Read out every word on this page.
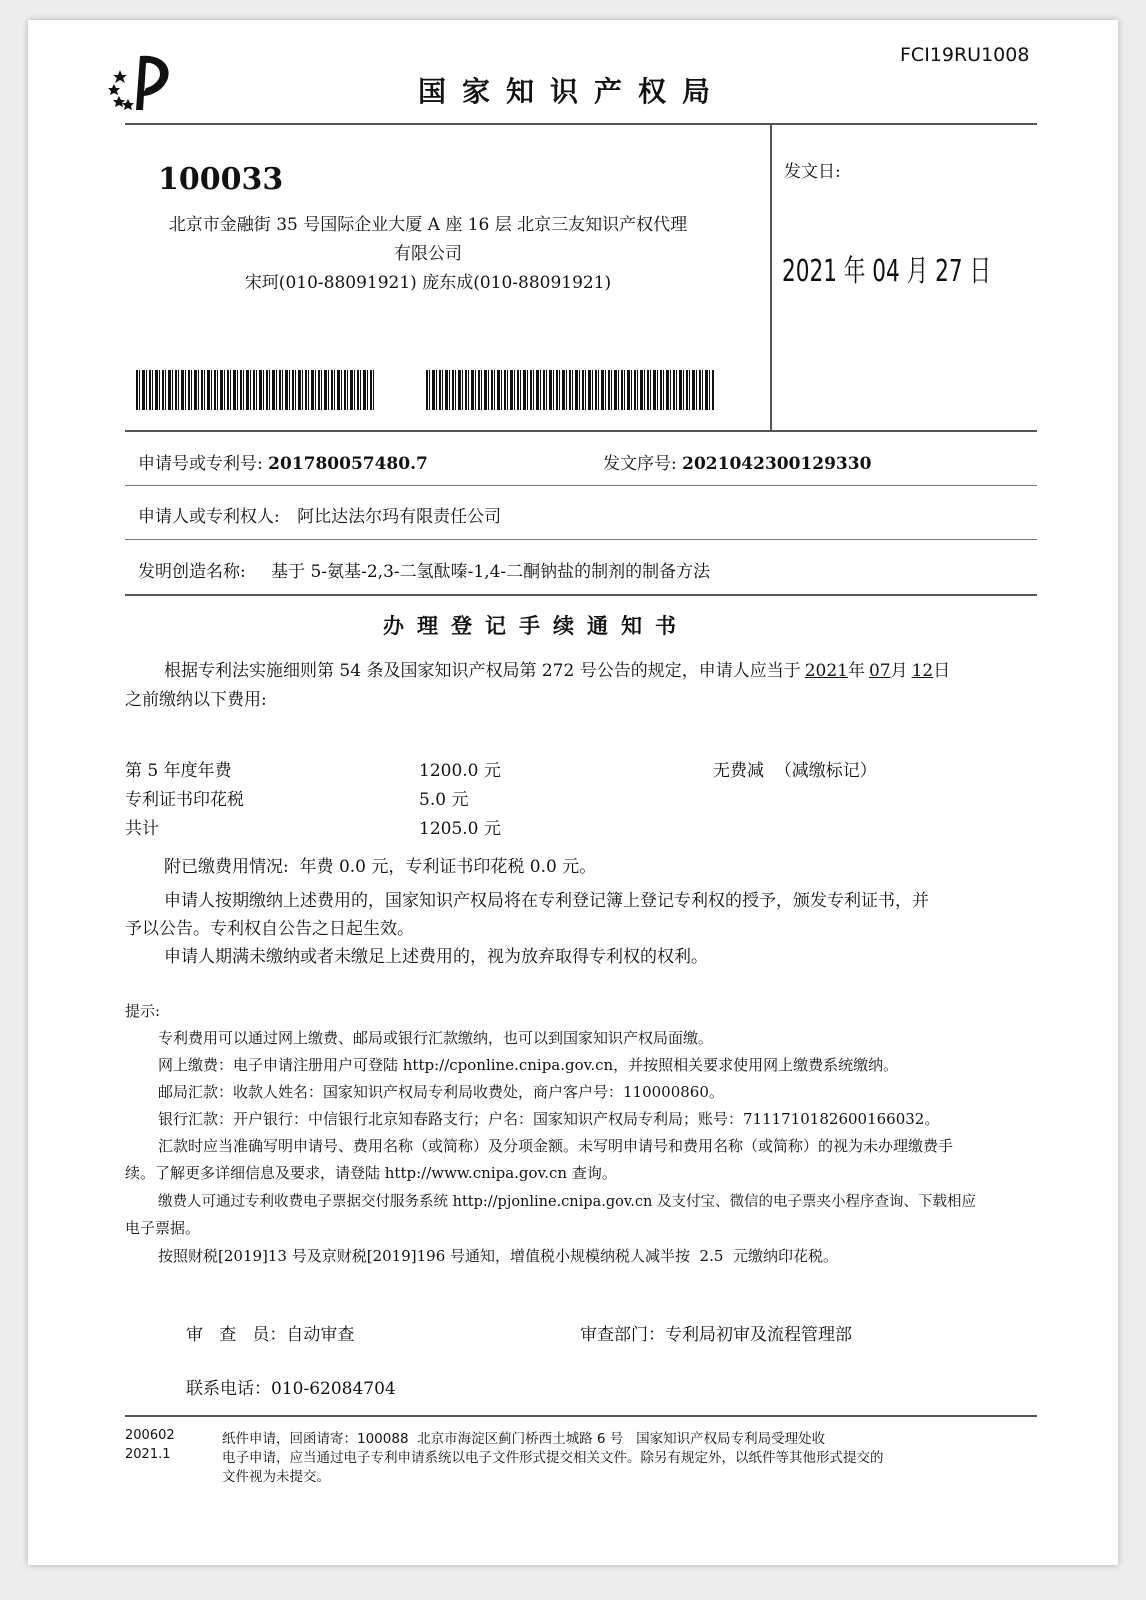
FCI19RU1008
国家知识产权局
100033
北京市金融街 35 号国际企业大厦 A 座 16 层 北京三友知识产权代理
有限公司
宋珂(010-88091921) 庞东成(010-88091921)
发文日:
2021 年 04 月 27 日
申请号或专利号: 201780057480.7	发文序号: 2021042300129330
申请人或专利权人: 阿比达法尔玛有限责任公司
发明创造名称: 基于 5-氨基-2,3-二氢酞嗪-1,4-二酮钠盐的制剂的制备方法
办理登记手续通知书
根据专利法实施细则第 54 条及国家知识产权局第 272 号公告的规定，申请人应当于 2021年 07月 12日
之前缴纳以下费用:
第 5 年度年费	1200.0 元	无费减  （减缴标记）
专利证书印花税	5.0 元
共计	1205.0 元
附已缴费用情况:  年费 0.0 元，专利证书印花税 0.0 元。
申请人按期缴纳上述费用的，国家知识产权局将在专利登记簿上登记专利权的授予，颁发专利证书，并
予以公告。专利权自公告之日起生效。
申请人期满未缴纳或者未缴足上述费用的，视为放弃取得专利权的权利。
提示:
专利费用可以通过网上缴费、邮局或银行汇款缴纳，也可以到国家知识产权局面缴。
网上缴费：电子申请注册用户可登陆 http://cponline.cnipa.gov.cn，并按照相关要求使用网上缴费系统缴纳。
邮局汇款：收款人姓名：国家知识产权局专利局收费处，商户客户号：110000860。
银行汇款：开户银行：中信银行北京知春路支行；户名：国家知识产权局专利局；账号：7111710182600166032。
汇款时应当准确写明申请号、费用名称（或简称）及分项金额。未写明申请号和费用名称（或简称）的视为未办理缴费手
续。了解更多详细信息及要求，请登陆 http://www.cnipa.gov.cn 查询。
缴费人可通过专利收费电子票据交付服务系统 http://pjonline.cnipa.gov.cn 及支付宝、微信的电子票夹小程序查询、下载相应
电子票据。
按照财税[2019]13 号及京财税[2019]196 号通知，增值税小规模纳税人减半按  2.5  元缴纳印花税。
审   查   员：自动审查	审查部门：专利局初审及流程管理部
联系电话：010-62084704
200602
2021.1
纸件申请，回函请寄：100088  北京市海淀区蓟门桥西土城路 6 号   国家知识产权局专利局受理处收
电子申请，应当通过电子专利申请系统以电子文件形式提交相关文件。除另有规定外，以纸件等其他形式提交的
文件视为未提交。
